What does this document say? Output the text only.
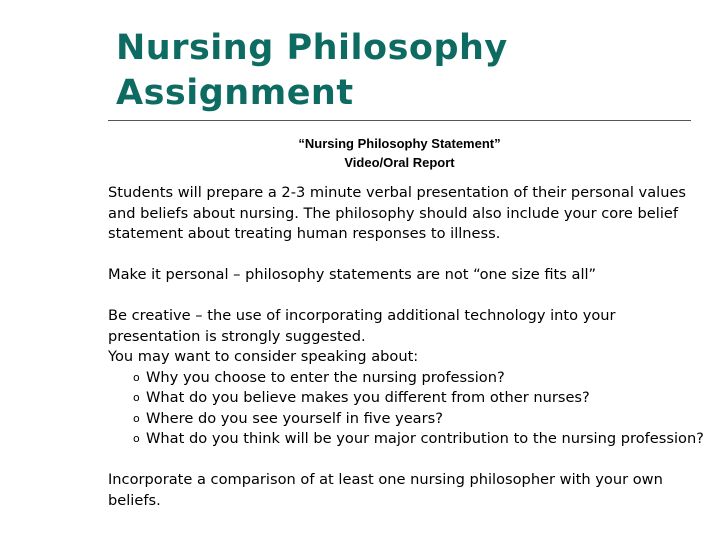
Nursing Philosophy
Assignment
“Nursing Philosophy Statement”
Video/Oral Report

Students will prepare a 2-3 minute verbal presentation of their personal values and beliefs about nursing. The philosophy should also include your core belief statement about treating human responses to illness.

Make it personal – philosophy statements are not “one size fits all”

Be creative – the use of incorporating additional technology into your presentation is strongly suggested.

You may want to consider speaking about:

o Why you choose to enter the nursing profession?
o What do you believe makes you different from other nurses?
o Where do you see yourself in five years?
o What do you think will be your major contribution to the nursing profession?

Incorporate a comparison of at least one nursing philosopher with your own beliefs.
